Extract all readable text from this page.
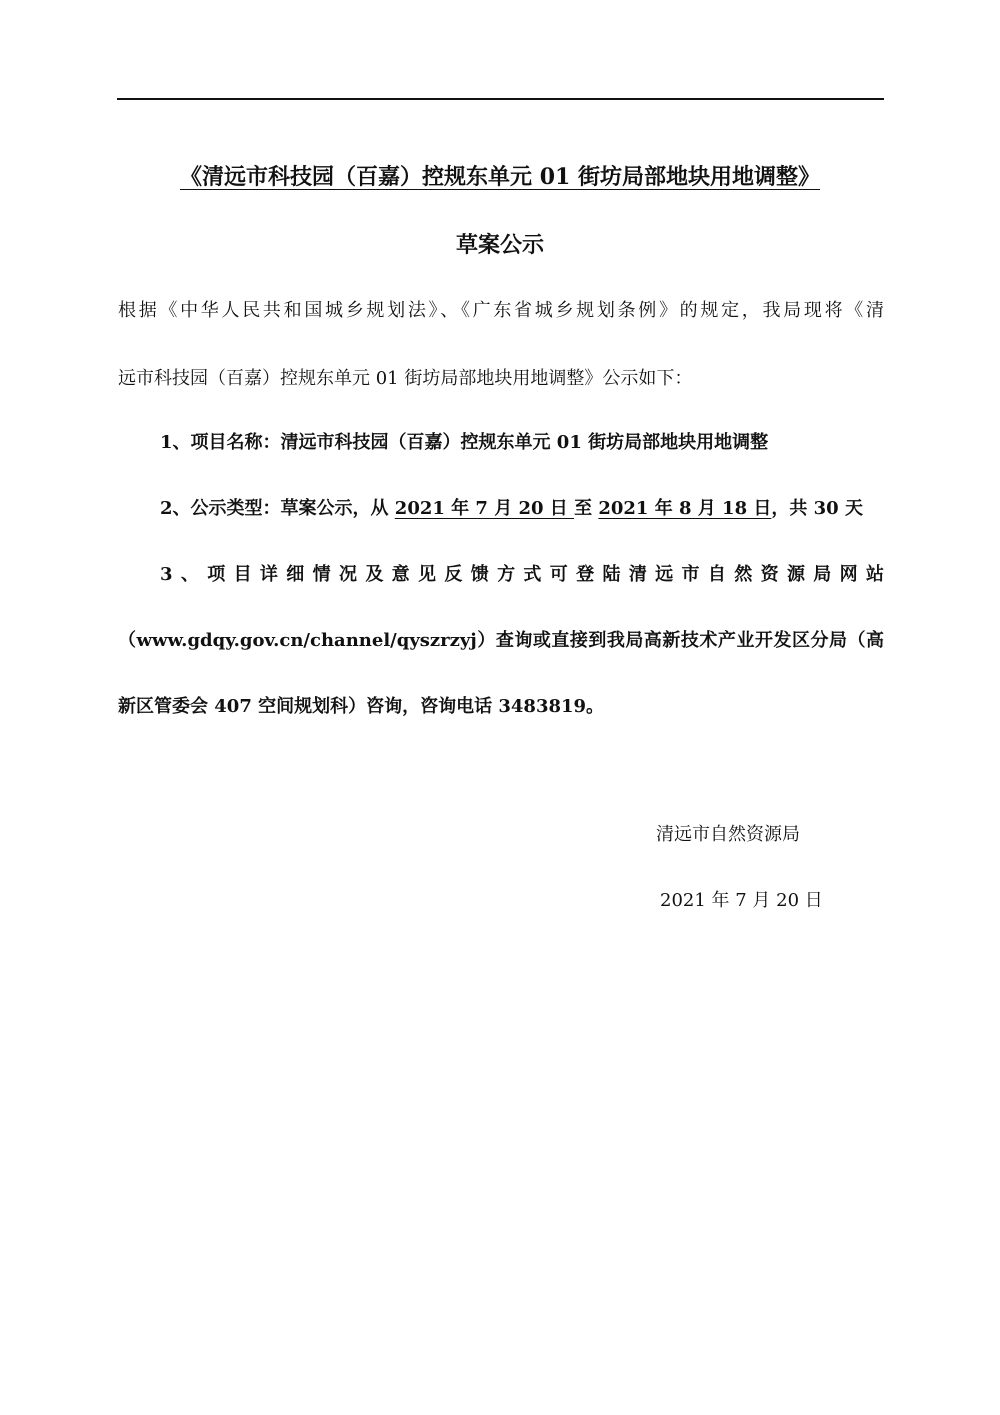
《清远市科技园（百嘉）控规东单元 01 街坊局部地块用地调整》
草案公示
根据《中华人民共和国城乡规划法》、《广东省城乡规划条例》的规定，我局现将《清
远市科技园（百嘉）控规东单元 01 街坊局部地块用地调整》公示如下：
1、项目名称：清远市科技园（百嘉）控规东单元 01 街坊局部地块用地调整
2、公示类型：草案公示，从 2021 年 7 月 20 日 至 2021 年 8 月 18 日，共 30 天
3、项目详细情况及意见反馈方式可登陆清远市自然资源局网站
（www.gdqy.gov.cn/channel/qyszrzyj）查询或直接到我局高新技术产业开发区分局（高
新区管委会 407 空间规划科）咨询，咨询电话 3483819。
清远市自然资源局
2021 年 7 月 20 日
